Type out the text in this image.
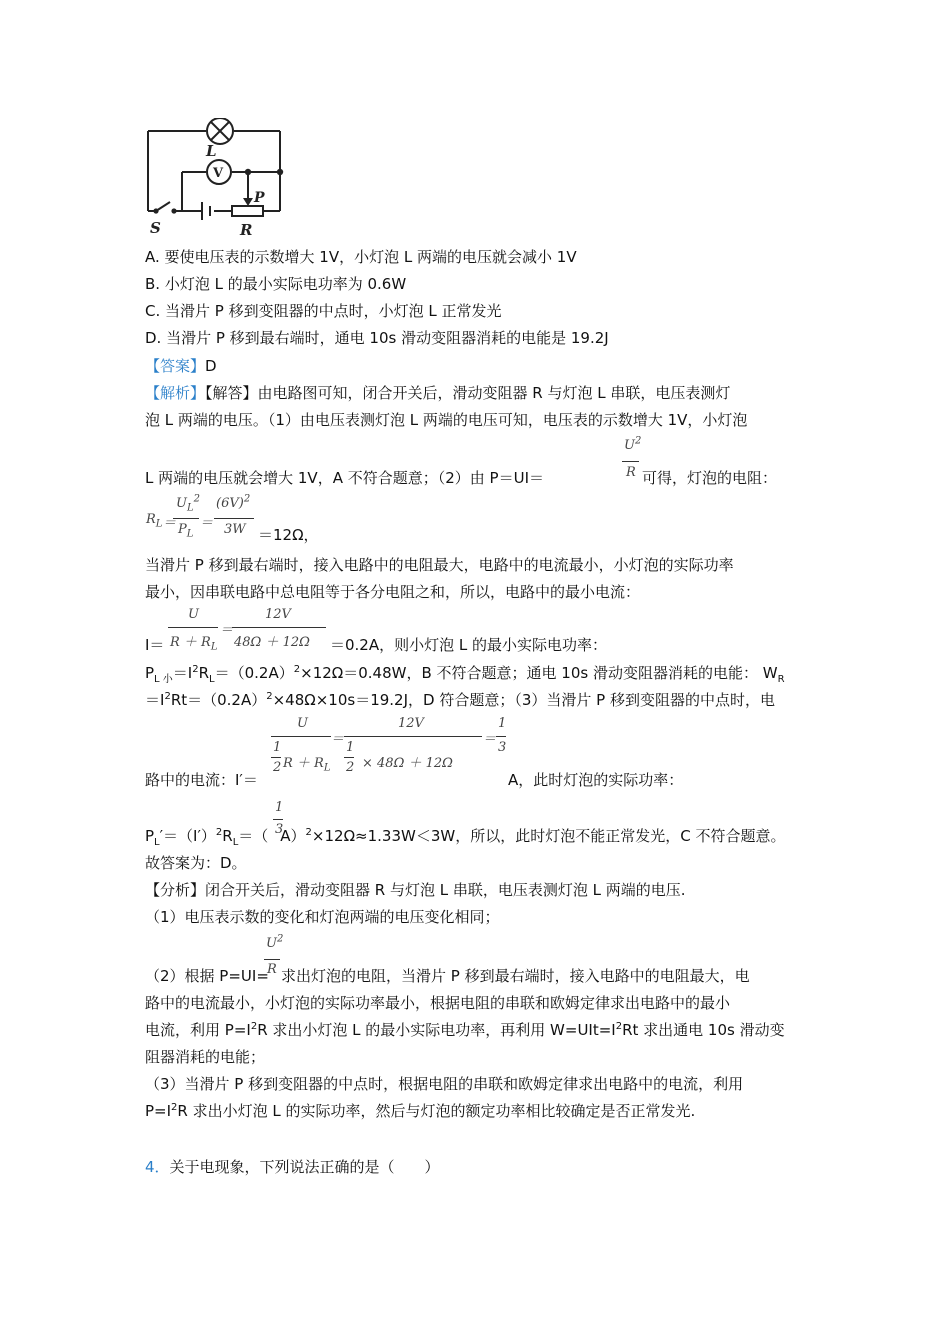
L
V
P
S	R
A. 要使电压表的示数增大 1V，小灯泡 L 两端的电压就会减小 1V
B. 小灯泡 L 的最小实际电功率为 0.6W
C. 当滑片 P 移到变阻器的中点时，小灯泡 L 正常发光
D. 当滑片 P 移到最右端时，通电 10s 滑动变阻器消耗的电能是 19.2J
【答案】D
【解析】【解答】由电路图可知，闭合开关后，滑动变阻器 R 与灯泡 L 串联，电压表测灯
泡 L 两端的电压。（1）由电压表测灯泡 L 两端的电压可知，电压表的示数增大 1V，小灯泡
L 两端的电压就会增大 1V，A 不符合题意；（2）由 P＝UI＝
$U^2$
R 可得，灯泡的电阻：
$R_L$ ＝
$U_L^2$
$P_L$
＝
$(6V)^2$
3W ＝12Ω，
当滑片 P 移到最右端时，接入电路中的电阻最大，电路中的电流最小，小灯泡的实际功率
最小，因串联电路中总电阻等于各分电阻之和，所以，电路中的最小电流：
I＝
U
$R + R_L$
＝
12V
48Ω ＋ 12Ω ＝0.2A，则小灯泡 L 的最小实际电功率：
$P_{L 小}=I^2R_L=(0.2A)^2\times 12\Omega=0.48W$，B 不符合题意；通电 10s 滑动变阻器消耗的电能： $W_R$
$=I^2Rt=(0.2A)^2\times 48\Omega\times 10s=19.2J$，D 符合题意；（3）当滑片 P 移到变阻器的中点时，电
路中的电流：I′＝
U
1
2 $R + R_L$
＝
12V
1
2 × 48Ω ＋ 12Ω
＝
1
3
A，此时灯泡的实际功率：
1
3
$P_L'=(I')^2R_L=$（ A）$^2$×12Ω≈1.33W＜3W，所以，此时灯泡不能正常发光，C 不符合题意。
故答案为：D。
【分析】闭合开关后，滑动变阻器 R 与灯泡 L 串联，电压表测灯泡 L 两端的电压.
（1）电压表示数的变化和灯泡两端的电压变化相同；
$U^2$
R
（2）根据 P=UI= 求出灯泡的电阻，当滑片 P 移到最右端时，接入电路中的电阻最大，电
路中的电流最小，小灯泡的实际功率最小，根据电阻的串联和欧姆定律求出电路中的最小
电流，利用 $P=I^2R$ 求出小灯泡 L 的最小实际电功率，再利用 $W=UIt=I^2Rt$ 求出通电 10s 滑动变
阻器消耗的电能；
（3）当滑片 P 移到变阻器的中点时，根据电阻的串联和欧姆定律求出电路中的电流，利用
$P=I^2R$ 求出小灯泡 L 的实际功率，然后与灯泡的额定功率相比较确定是否正常发光.
4．关于电现象，下列说法正确的是（　　）
